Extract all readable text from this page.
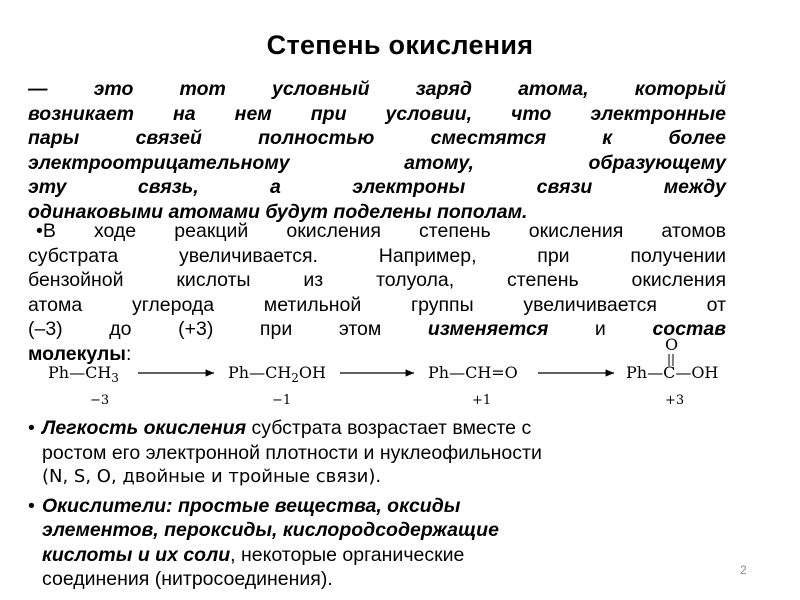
Степень окисления
— это тот условный заряд атома, который
возникает на нем при условии, что электронные
пары связей полностью сместятся к более
электроотрицательному атому, образующему
эту связь, а электроны связи между
одинаковыми атомами будут поделены пополам.
•В ходе реакций окисления степень окисления атомов
субстрата увеличивается. Например, при получении
бензойной кислоты из толуола, степень окисления
атома углерода метильной группы увеличивается от
(–3) до (+3) при этом изменяется и состав
молекулы:
$Ph—CH_3$	$Ph—CH_2OH$	Ph—CH=O	Ph—C—OH
O
−3	−1	+1	+3
• Легкость окисления субстрата возрастает вместе с
ростом его электронной плотности и нуклеофильности
(N, S, O, двойные и тройные связи).
• Окислители: простые вещества, оксиды
элементов, пероксиды, кислородсодержащие
кислоты и их соли, некоторые органические
соединения (нитросоединения).	2
